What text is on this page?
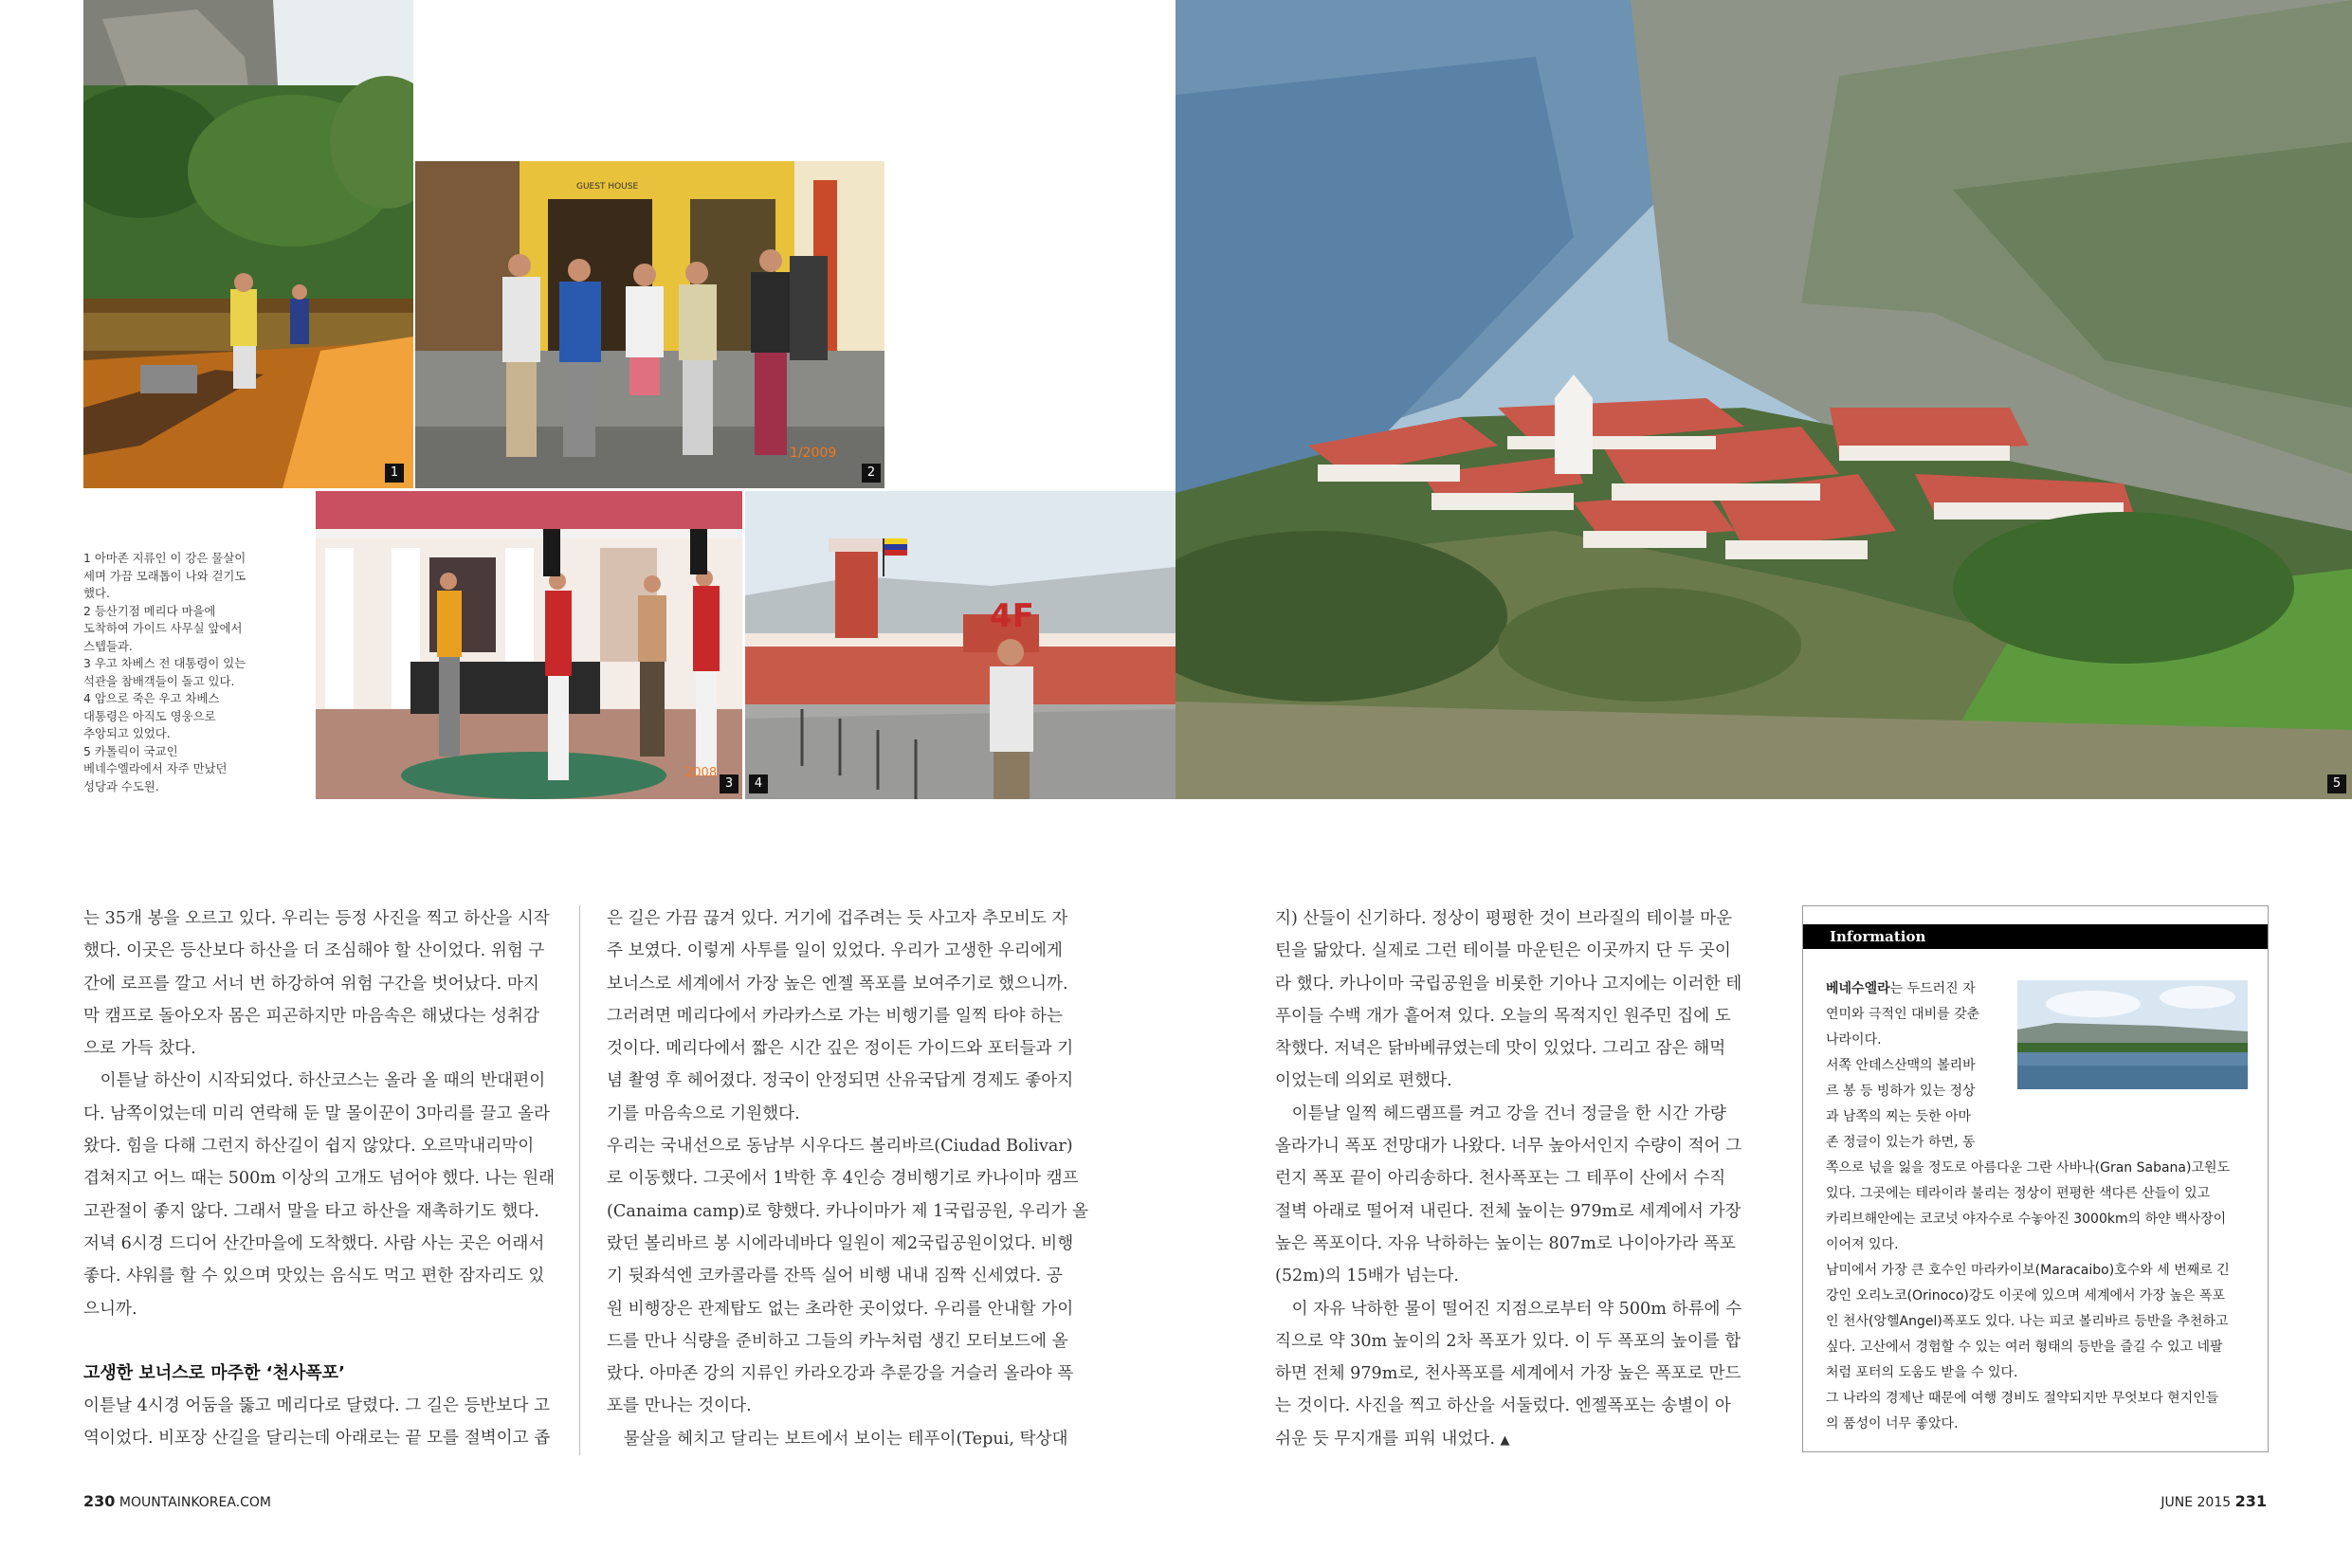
1
GUEST HOUSE
1/2009
2
2008
3
4F
4	5

1 아마존 지류인 이 강은 물살이

세며 가끔 모래톱이 나와 걷기도

했다.

2 등산기점 메리다 마을에

도착하여 가이드 사무실 앞에서

스텝들과.

3 우고 차베스 전 대통령이 있는

석관을 참배객들이 돌고 있다.

4 암으로 죽은 우고 차베스

대통령은 아직도 영웅으로

추앙되고 있었다.

5 카톨릭이 국교인

베네수엘라에서 자주 만났던

성당과 수도원.

는 35개 봉을 오르고 있다. 우리는 등정 사진을 찍고 하산을 시작

했다. 이곳은 등산보다 하산을 더 조심해야 할 산이었다. 위험 구

간에 로프를 깔고 서너 번 하강하여 위험 구간을 벗어났다. 마지

막 캠프로 돌아오자 몸은 피곤하지만 마음속은 해냈다는 성취감

으로 가득 찼다.

　이튿날 하산이 시작되었다. 하산코스는 올라 올 때의 반대편이

다. 남쪽이었는데 미리 연락해 둔 말 몰이꾼이 3마리를 끌고 올라

왔다. 힘을 다해 그런지 하산길이 쉽지 않았다. 오르막내리막이

겹쳐지고 어느 때는 500m 이상의 고개도 넘어야 했다. 나는 원래

고관절이 좋지 않다. 그래서 말을 타고 하산을 재촉하기도 했다.

저녁 6시경 드디어 산간마을에 도착했다. 사람 사는 곳은 어래서

좋다. 샤워를 할 수 있으며 맛있는 음식도 먹고 편한 잠자리도 있

으니까.

고생한 보너스로 마주한 ‘천사폭포’

이튿날 4시경 어둠을 뚫고 메리다로 달렸다. 그 길은 등반보다 고

역이었다. 비포장 산길을 달리는데 아래로는 끝 모를 절벽이고 좁

은 길은 가끔 끊겨 있다. 거기에 겁주려는 듯 사고자 추모비도 자

주 보였다. 이렇게 사투를 일이 있었다. 우리가 고생한 우리에게

보너스로 세계에서 가장 높은 엔젤 폭포를 보여주기로 했으니까.

그러려면 메리다에서 카라카스로 가는 비행기를 일찍 타야 하는

것이다. 메리다에서 짧은 시간 깊은 정이든 가이드와 포터들과 기

념 촬영 후 헤어졌다. 정국이 안정되면 산유국답게 경제도 좋아지

기를 마음속으로 기원했다.

우리는 국내선으로 동남부 시우다드 볼리바르(Ciudad Bolivar)

로 이동했다. 그곳에서 1박한 후 4인승 경비행기로 카나이마 캠프

(Canaima camp)로 향했다. 카나이마가 제 1국립공원, 우리가 올

랐던 볼리바르 봉 시에라네바다 일원이 제2국립공원이었다. 비행

기 뒷좌석엔 코카콜라를 잔뜩 실어 비행 내내 짐짝 신세였다. 공

원 비행장은 관제탑도 없는 초라한 곳이었다. 우리를 안내할 가이

드를 만나 식량을 준비하고 그들의 카누처럼 생긴 모터보드에 올

랐다. 아마존 강의 지류인 카라오강과 추룬강을 거슬러 올라야 폭

포를 만나는 것이다.

　물살을 헤치고 달리는 보트에서 보이는 테푸이(Tepui, 탁상대

지) 산들이 신기하다. 정상이 평평한 것이 브라질의 테이블 마운

틴을 닮았다. 실제로 그런 테이블 마운틴은 이곳까지 단 두 곳이

라 했다. 카나이마 국립공원을 비롯한 기아나 고지에는 이러한 테

푸이들 수백 개가 흩어져 있다. 오늘의 목적지인 원주민 집에 도

착했다. 저녁은 닭바베큐였는데 맛이 있었다. 그리고 잠은 해먹

이었는데 의외로 편했다.

　이튿날 일찍 헤드램프를 켜고 강을 건너 정글을 한 시간 가량

올라가니 폭포 전망대가 나왔다. 너무 높아서인지 수량이 적어 그

런지 폭포 끝이 아리송하다. 천사폭포는 그 테푸이 산에서 수직

절벽 아래로 떨어져 내린다. 전체 높이는 979m로 세계에서 가장

높은 폭포이다. 자유 낙하하는 높이는 807m로 나이아가라 폭포

(52m)의 15배가 넘는다.

　이 자유 낙하한 물이 떨어진 지점으로부터 약 500m 하류에 수

직으로 약 30m 높이의 2차 폭포가 있다. 이 두 폭포의 높이를 합

하면 전체 979m로, 천사폭포를 세계에서 가장 높은 폭포로 만드

는 것이다. 사진을 찍고 하산을 서둘렀다. 엔젤폭포는 송별이 아

쉬운 듯 무지개를 피워 내었다. ▲

Information

베네수엘라는 두드러진 자

연미와 극적인 대비를 갖춘

나라이다.

서쪽 안데스산맥의 볼리바

르 봉 등 빙하가 있는 정상

과 남쪽의 찌는 듯한 아마

존 정글이 있는가 하면, 동

쪽으로 넋을 잃을 정도로 아름다운 그란 사바나(Gran Sabana)고원도

있다. 그곳에는 테라이라 불리는 정상이 편평한 색다른 산들이 있고

카리브해안에는 코코넛 야자수로 수놓아진 3000km의 하얀 백사장이

이어져 있다.

남미에서 가장 큰 호수인 마라카이보(Maracaibo)호수와 세 번째로 긴

강인 오리노코(Orinoco)강도 이곳에 있으며 세계에서 가장 높은 폭포

인 천사(앙헬Angel)폭포도 있다. 나는 피코 볼리바르 등반을 추천하고

싶다. 고산에서 경험할 수 있는 여러 형태의 등반을 즐길 수 있고 네팔

처럼 포터의 도움도 받을 수 있다.

그 나라의 경제난 때문에 여행 경비도 절약되지만 무엇보다 현지인들

의 품성이 너무 좋았다.

230 MOUNTAINKOREA.COM	JUNE 2015 231
